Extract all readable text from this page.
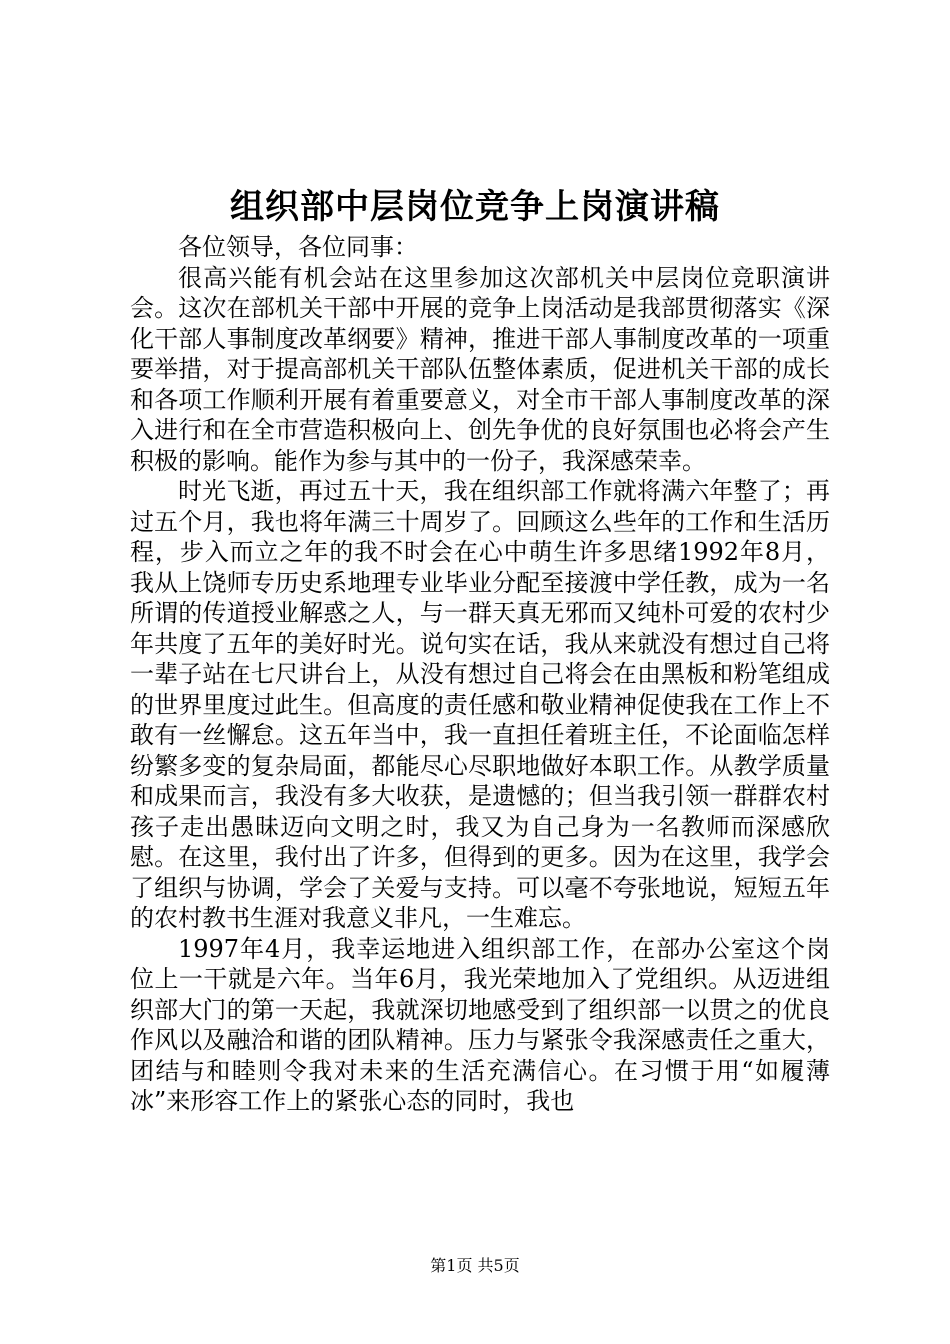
组织部中层岗位竞争上岗演讲稿

各位领导，各位同事：

很高兴能有机会站在这里参加这次部机关中层岗位竞职演讲会。这次在部机关干部中开展的竞争上岗活动是我部贯彻落实《深化干部人事制度改革纲要》精神，推进干部人事制度改革的一项重要举措，对于提高部机关干部队伍整体素质，促进机关干部的成长和各项工作顺利开展有着重要意义，对全市干部人事制度改革的深入进行和在全市营造积极向上、创先争优的良好氛围也必将会产生积极的影响。能作为参与其中的一份子，我深感荣幸。

时光飞逝，再过五十天，我在组织部工作就将满六年整了；再过五个月，我也将年满三十周岁了。回顾这么些年的工作和生活历程，步入而立之年的我不时会在心中萌生许多思绪1992年8月，我从上饶师专历史系地理专业毕业分配至接渡中学任教，成为一名所谓的传道授业解惑之人，与一群天真无邪而又纯朴可爱的农村少年共度了五年的美好时光。说句实在话，我从来就没有想过自己将一辈子站在七尺讲台上，从没有想过自己将会在由黑板和粉笔组成的世界里度过此生。但高度的责任感和敬业精神促使我在工作上不敢有一丝懈怠。这五年当中，我一直担任着班主任，不论面临怎样纷繁多变的复杂局面，都能尽心尽职地做好本职工作。从教学质量和成果而言，我没有多大收获，是遗憾的；但当我引领一群群农村孩子走出愚昧迈向文明之时，我又为自己身为一名教师而深感欣慰。在这里，我付出了许多，但得到的更多。因为在这里，我学会了组织与协调，学会了关爱与支持。可以毫不夸张地说，短短五年的农村教书生涯对我意义非凡，一生难忘。

1997年4月，我幸运地进入组织部工作，在部办公室这个岗位上一干就是六年。当年6月，我光荣地加入了党组织。从迈进组织部大门的第一天起，我就深切地感受到了组织部一以贯之的优良作风以及融洽和谐的团队精神。压力与紧张令我深感责任之重大，团结与和睦则令我对未来的生活充满信心。在习惯于用“如履薄冰”来形容工作上的紧张心态的同时，我也

第1页 共5页
